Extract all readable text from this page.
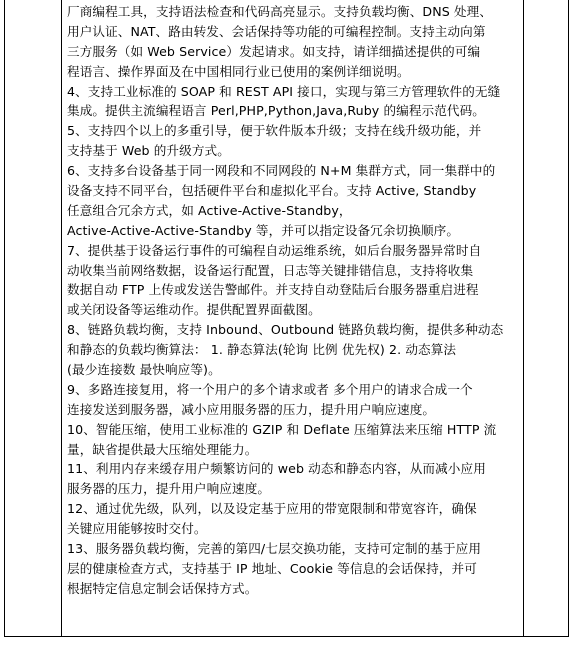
厂商编程工具，支持语法检查和代码高亮显示。支持负载均衡、DNS 处理、
用户认证、NAT、路由转发、会话保持等功能的可编程控制。支持主动向第
三方服务（如 Web Service）发起请求。如支持，请详细描述提供的可编
程语言、操作界面及在中国相同行业已使用的案例详细说明。
4、支持工业标准的 SOAP 和 REST API 接口，实现与第三方管理软件的无缝
集成。提供主流编程语言 Perl,PHP,Python,Java,Ruby 的编程示范代码。
5、支持四个以上的多重引导，便于软件版本升级；支持在线升级功能，并
支持基于 Web 的升级方式。
6、支持多台设备基于同一网段和不同网段的 N+M 集群方式，同一集群中的
设备支持不同平台，包括硬件平台和虚拟化平台。支持 Active, Standby
任意组合冗余方式，如 Active-Active-Standby，
Active-Active-Active-Standby 等，并可以指定设备冗余切换顺序。
7、提供基于设备运行事件的可编程自动运维系统，如后台服务器异常时自
动收集当前网络数据，设备运行配置，日志等关键排错信息，支持将收集
数据自动 FTP 上传或发送告警邮件。并支持自动登陆后台服务器重启进程
或关闭设备等运维动作。提供配置界面截图。
8、链路负载均衡，支持 Inbound、Outbound 链路负载均衡，提供多种动态
和静态的负载均衡算法： 1. 静态算法(轮询 比例 优先权) 2. 动态算法
(最少连接数 最快响应等)。
9、多路连接复用，将一个用户的多个请求或者 多个用户的请求合成一个
连接发送到服务器，减小应用服务器的压力，提升用户响应速度。
10、智能压缩，使用工业标准的 GZIP 和 Deflate 压缩算法来压缩 HTTP 流
量，缺省提供最大压缩处理能力。
11、利用内存来缓存用户频繁访问的 web 动态和静态内容，从而减小应用
服务器的压力，提升用户响应速度。
12、通过优先级，队列，以及设定基于应用的带宽限制和带宽容许，确保
关键应用能够按时交付。
13、服务器负载均衡，完善的第四/七层交换功能，支持可定制的基于应用
层的健康检查方式，支持基于 IP 地址、Cookie 等信息的会话保持，并可
根据特定信息定制会话保持方式。
